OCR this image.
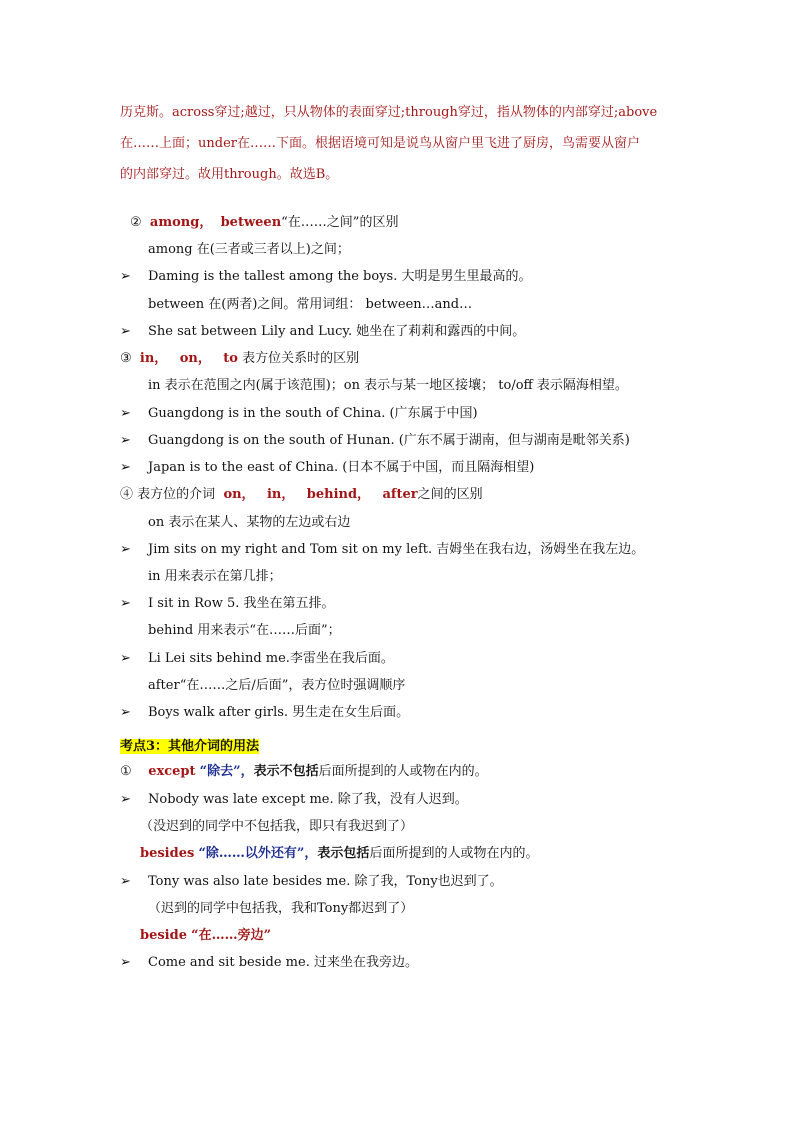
历克斯。across穿过;越过，只从物体的表面穿过;through穿过，指从物体的内部穿过;above
在……上面；under在……下面。根据语境可知是说鸟从窗户里飞进了厨房，鸟需要从窗户
的内部穿过。故用through。故选B。
② among， between“在……之间”的区别
among 在(三者或三者以上)之间；
➢ Daming is the tallest among the boys. 大明是男生里最高的。
between 在(两者)之间。常用词组： between…and…
➢ She sat between Lily and Lucy. 她坐在了莉莉和露西的中间。
③ in， on， to 表方位关系时的区别
in 表示在范围之内(属于该范围)；on 表示与某一地区接壤； to/off 表示隔海相望。
➢ Guangdong is in the south of China. (广东属于中国)
➢ Guangdong is on the south of Hunan. (广东不属于湖南，但与湖南是毗邻关系)
➢ Japan is to the east of China. (日本不属于中国，而且隔海相望)
④ 表方位的介词 on， in， behind， after之间的区别
on 表示在某人、某物的左边或右边
➢ Jim sits on my right and Tom sit on my left. 吉姆坐在我右边，汤姆坐在我左边。
in 用来表示在第几排；
➢ I sit in Row 5. 我坐在第五排。
behind 用来表示“在……后面”；
➢ Li Lei sits behind me.李雷坐在我后面。
after“在……之后/后面”，表方位时强调顺序
➢ Boys walk after girls. 男生走在女生后面。
考点3：其他介词的用法
① except “除去”，表示不包括后面所提到的人或物在内的。
➢ Nobody was late except me. 除了我，没有人迟到。
（没迟到的同学中不包括我，即只有我迟到了）
besides “除……以外还有”，表示包括后面所提到的人或物在内的。
➢ Tony was also late besides me. 除了我，Tony也迟到了。
（迟到的同学中包括我，我和Tony都迟到了）
beside “在……旁边”
➢ Come and sit beside me. 过来坐在我旁边。
